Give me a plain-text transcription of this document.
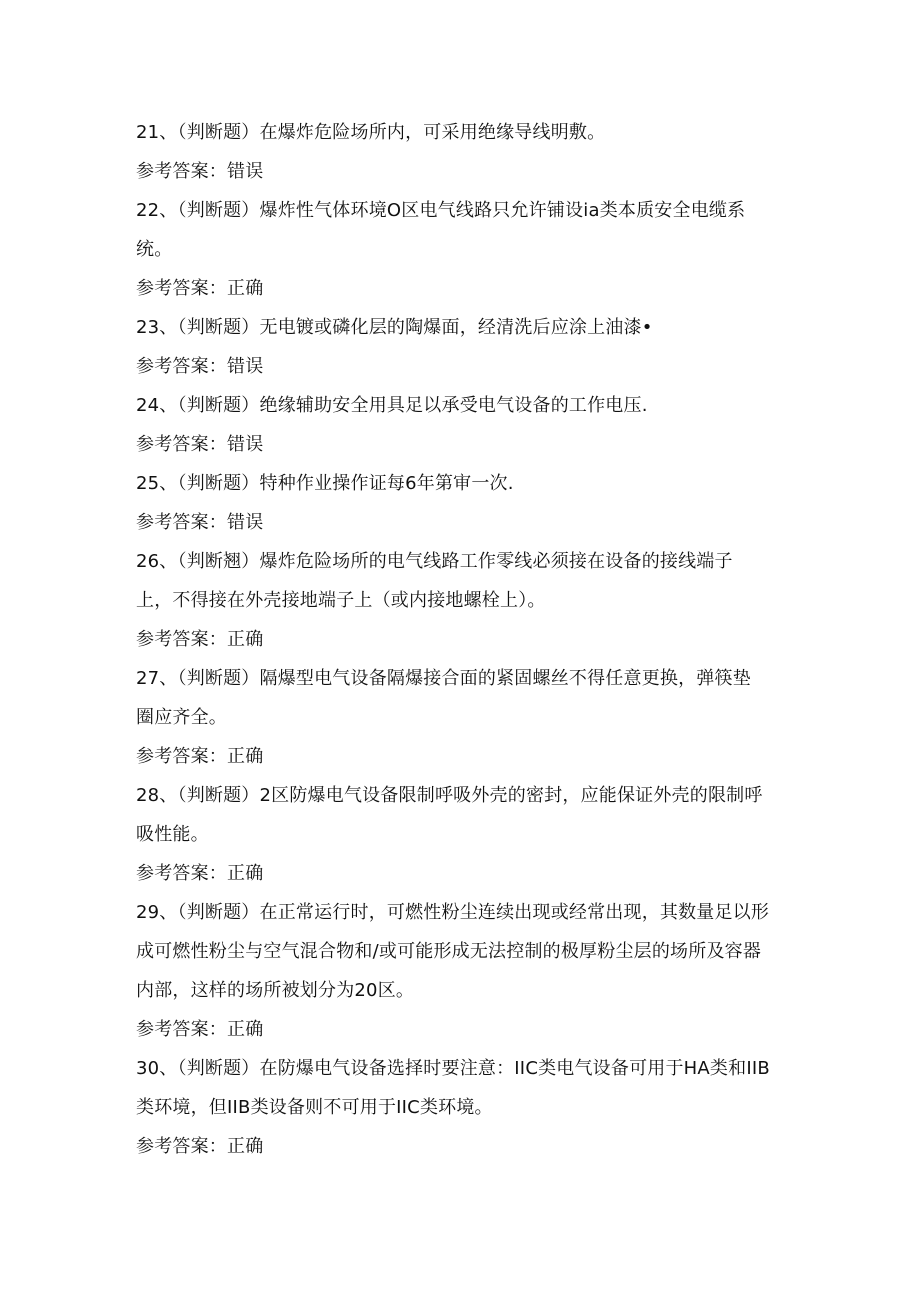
21、（判断题）在爆炸危险场所内，可采用绝缘导线明敷。
参考答案：错误
22、（判断题）爆炸性气体环境O区电气线路只允许铺设ia类本质安全电缆系
统。
参考答案：正确
23、（判断题）无电镀或磷化层的陶爆面，经清洗后应涂上油漆•
参考答案：错误
24、（判断题）绝缘辅助安全用具足以承受电气设备的工作电压.
参考答案：错误
25、（判断题）特种作业操作证每6年第审一次.
参考答案：错误
26、（判断翘）爆炸危险场所的电气线路工作零线必须接在设备的接线端子
上，不得接在外壳接地端子上（或内接地螺栓上）。
参考答案：正确
27、（判断题）隔爆型电气设备隔爆接合面的紧固螺丝不得任意更换，弹筷垫
圈应齐全。
参考答案：正确
28、（判断题）2区防爆电气设备限制呼吸外壳的密封，应能保证外壳的限制呼
吸性能。
参考答案：正确
29、（判断题）在正常运行时，可燃性粉尘连续出现或经常出现，其数量足以形
成可燃性粉尘与空气混合物和/或可能形成无法控制的极厚粉尘层的场所及容器
内部，这样的场所被划分为20区。
参考答案：正确
30、（判断题）在防爆电气设备选择时要注意：IIC类电气设备可用于HA类和IIB
类环境，但IIB类设备则不可用于IIC类环境。
参考答案：正确
